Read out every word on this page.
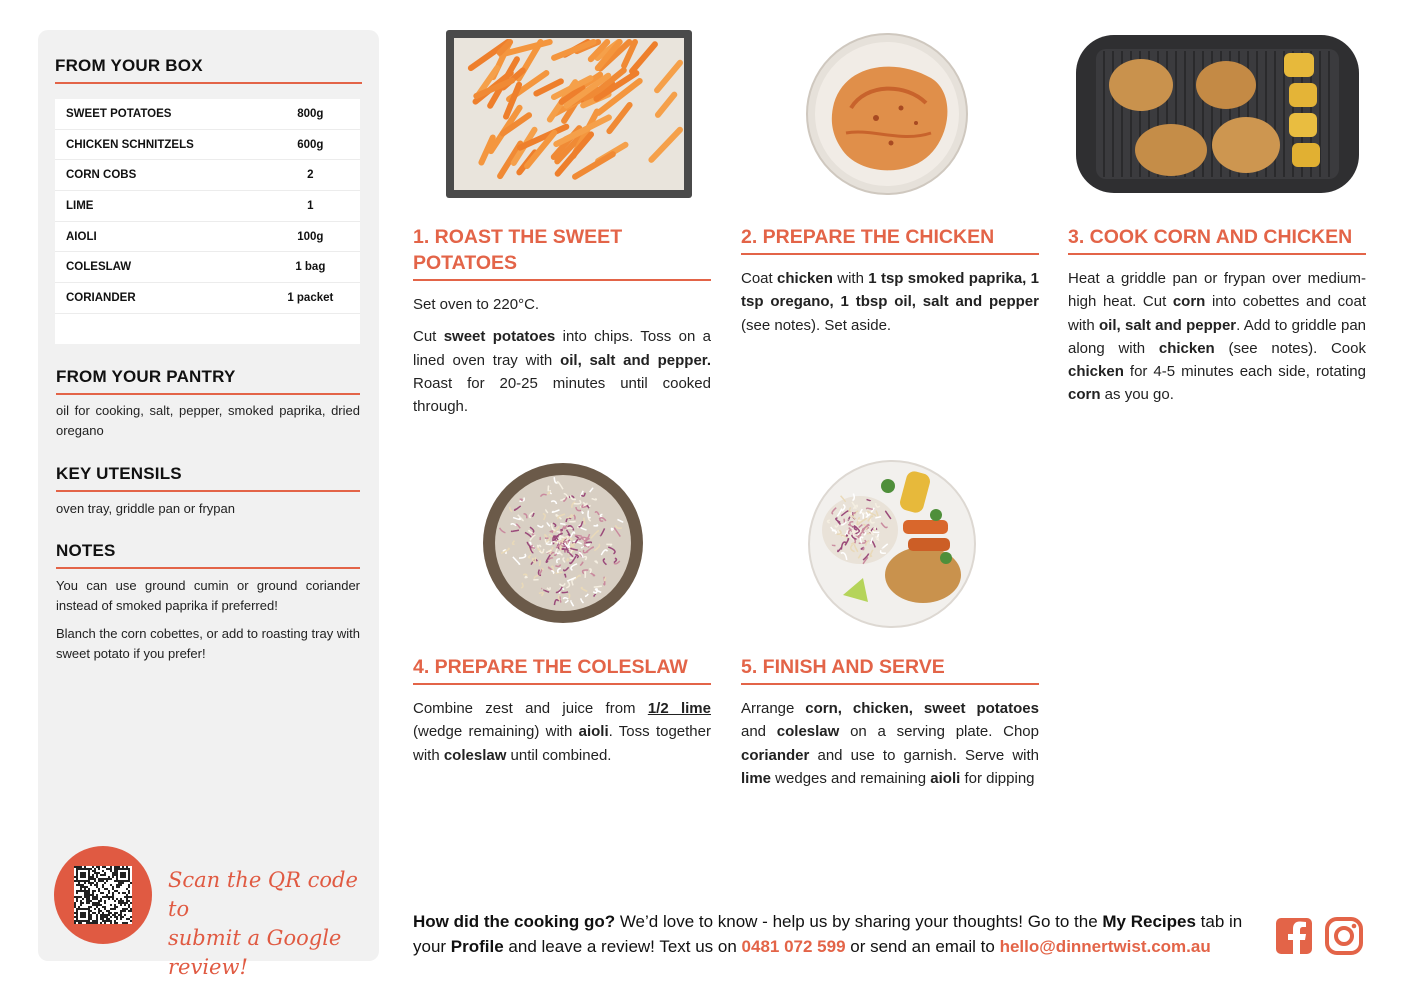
FROM YOUR BOX
SWEET POTATOES	800g
CHICKEN SCHNITZELS	600g
CORN COBS	2
LIME	1
AIOLI	100g
COLESLAW	1 bag
CORIANDER	1 packet
FROM YOUR PANTRY
oil for cooking, salt, pepper, smoked paprika, dried oregano
KEY UTENSILS
oven tray, griddle pan or frypan
NOTES
You can use ground cumin or ground coriander instead of smoked paprika if preferred!
Blanch the corn cobettes, or add to roasting tray with sweet potato if you prefer!
Scan the QR code to
submit a Google review!
1. ROAST THE SWEET
POTATOES

Set oven to 220°C.

Cut sweet potatoes into chips. Toss on a lined oven tray with oil, salt and pepper. Roast for 20-25 minutes until cooked through.

2. PREPARE THE CHICKEN

Coat chicken with 1 tsp smoked paprika, 1 tsp oregano, 1 tbsp oil, salt and pepper (see notes). Set aside.

3. COOK CORN AND CHICKEN

Heat a griddle pan or frypan over medium-high heat. Cut corn into cobettes and coat with oil, salt and pepper. Add to griddle pan along with chicken (see notes). Cook chicken for 4-5 minutes each side, rotating corn as you go.

4. PREPARE THE COLESLAW

Combine zest and juice from 1/2 lime (wedge remaining) with aioli. Toss together with coleslaw until combined.

5. FINISH AND SERVE

Arrange corn, chicken, sweet potatoes and coleslaw on a serving plate. Chop coriander and use to garnish. Serve with lime wedges and remaining aioli for dipping

How did the cooking go? We’d love to know - help us by sharing your thoughts! Go to the My Recipes tab in your Profile and leave a review! Text us on 0481 072 599 or send an email to hello@dinnertwist.com.au
